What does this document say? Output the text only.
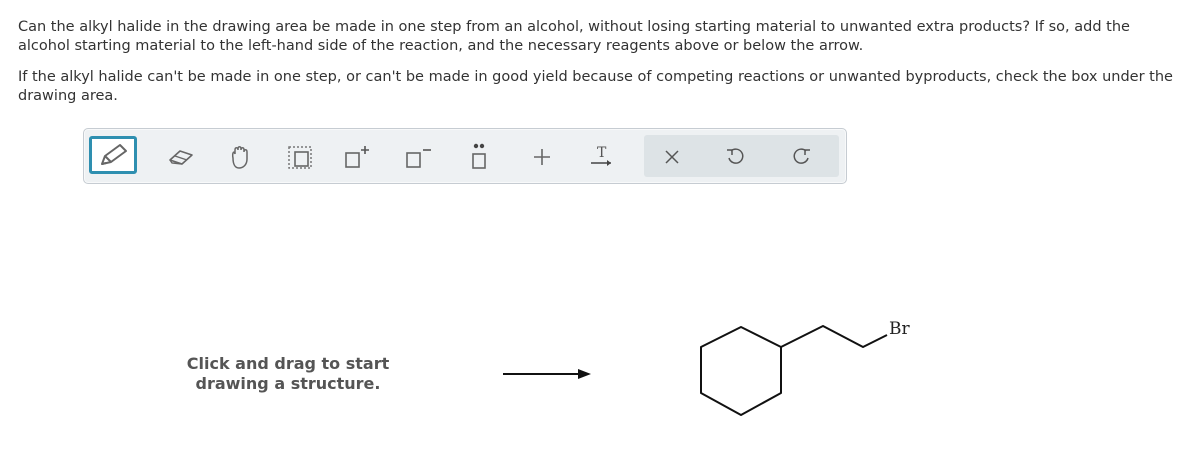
Can the alkyl halide in the drawing area be made in one step from an alcohol, without losing starting material to unwanted extra products? If so, add the alcohol starting material to the left-hand side of the reaction, and the necessary reagents above or below the arrow.

If the alkyl halide can't be made in one step, or can't be made in good yield because of competing reactions or unwanted byproducts, check the box under the drawing area.

T
Click and drag to start drawing a structure.
Br
